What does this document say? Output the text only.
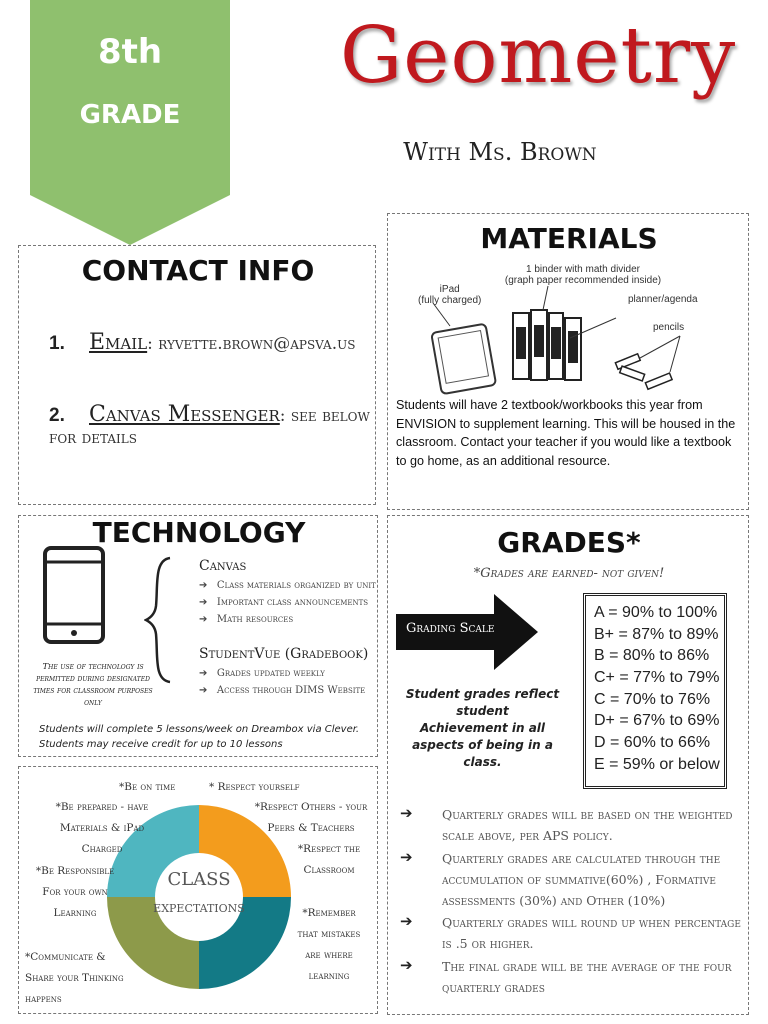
8th
GRADE
Geometry
With Ms. Brown
CONTACT INFO
1. Email: ryvette.brown@apsva.us
2. Canvas Messenger: see below for details
MATERIALS
iPad
(fully charged)
1 binder with math divider
(graph paper recommended inside)
planner/agenda
pencils
Students will have 2 textbook/workbooks this year from ENVISION to supplement learning. This will be housed in the classroom. Contact your teacher if you would like a textbook to go home, as an additional resource.
TECHNOLOGY
Canvas
➔   Class materials organized by unit
➔   Important class announcements
➔   Math resources
StudentVue (Gradebook)
➔   Grades updated weekly
➔   Access through DIMS Website
The use of technology is permitted during designated times for classroom purposes only
Students will complete 5 lessons/week on Dreambox via Clever.
Students may receive credit for up to 10 lessons
GRADES*
*Grades are earned- not given!
Grading Scale
A = 90% to 100%
B+ = 87% to 89%
B = 80% to 86%
C+ = 77% to 79%
C = 70% to 76%
D+ = 67% to 69%
D = 60% to 66%
E = 59% or below
Student grades reflect
student
Achievement in all
aspects of being in a
class.
➔ Quarterly grades will be based on the weighted scale above, per APS policy.
➔ Quarterly grades are calculated through the accumulation of summative(60%) , Formative assessments (30%) and Other (10%)
➔ Quarterly grades will round up when percentage is .5 or higher.
➔ The final grade will be the average of the four quarterly grades
CLASS
EXPECTATIONS
*Be on time	* Respect yourself
*Be prepared - have
Materials & iPad
Charged
*Respect Others - your
Peers & Teachers
*Respect the
Classroom
*Be Responsible
For your own
Learning	*Remember
that mistakes
are where
learning
*Communicate &
Share your Thinking
happens
